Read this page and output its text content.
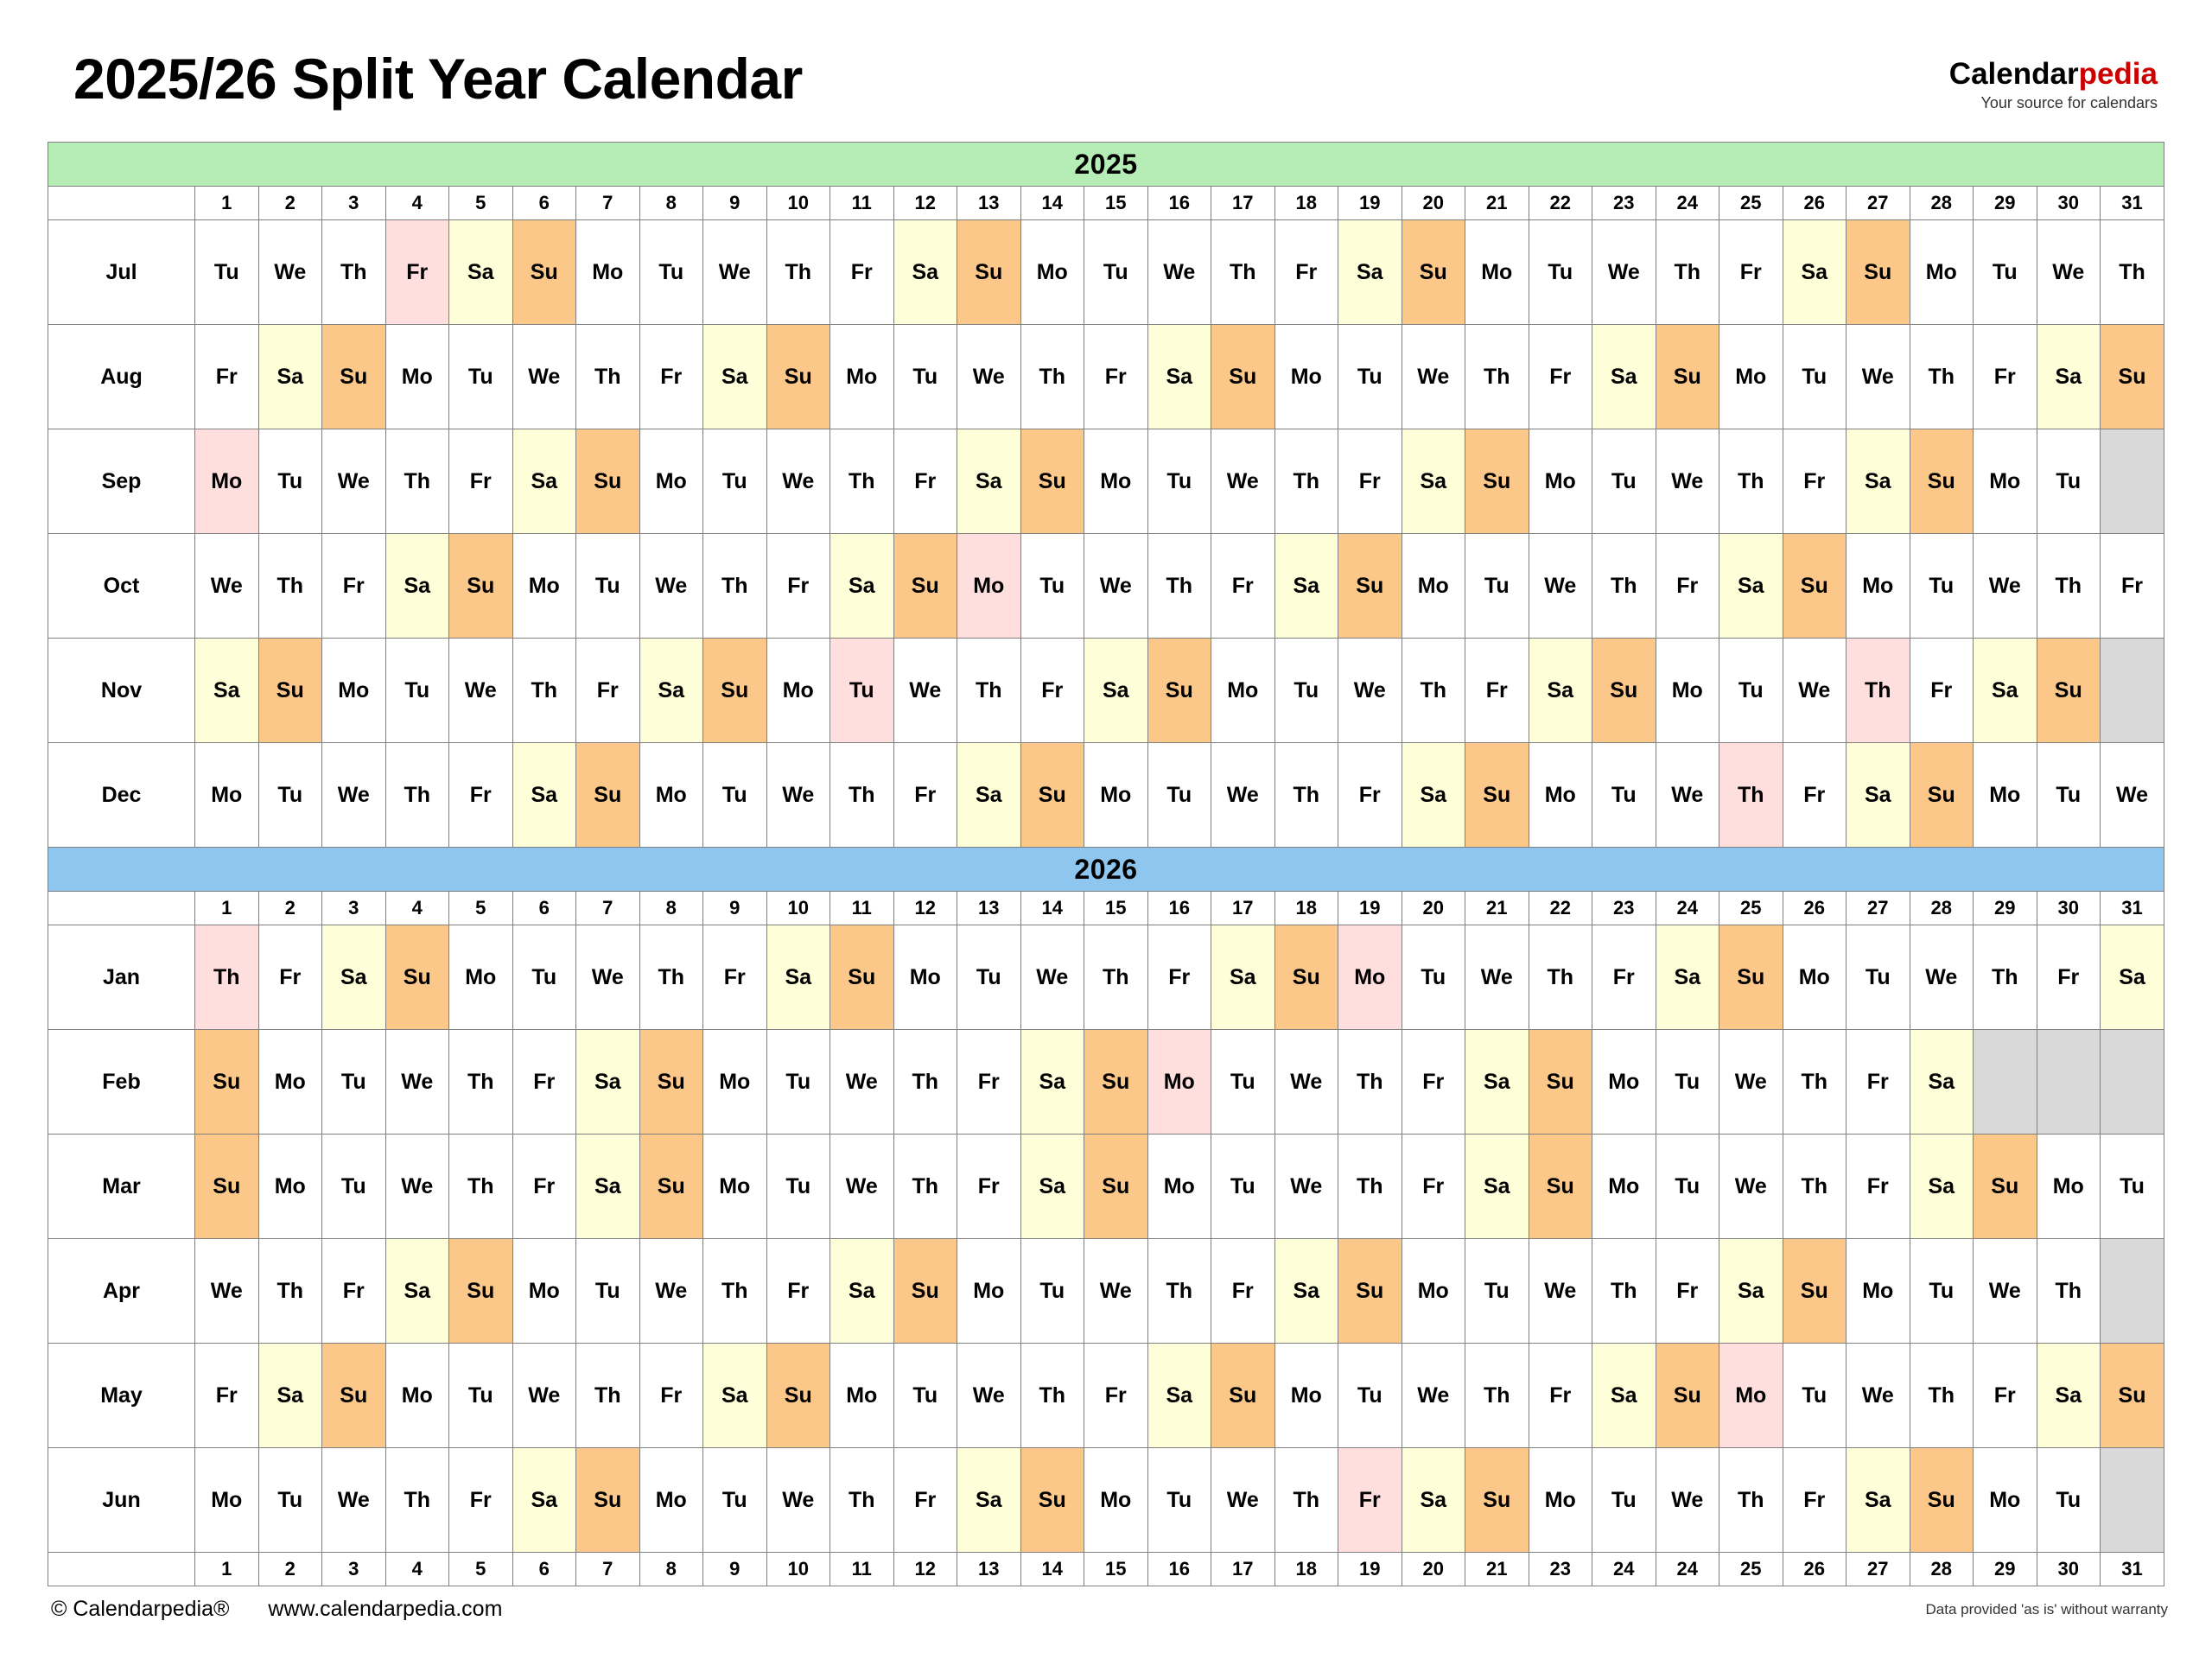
2025/26 Split Year Calendar	Calendarpedia
Your source for calendars
2025																															
	1	2	3	4	5	6	7	8	9	10	11	12	13	14	15	16	17	18	19	20	21	22	23	24	25	26	27	28	29	30	31
Jul	Tu	We	Th	Fr	Sa	Su	Mo	Tu	We	Th	Fr	Sa	Su	Mo	Tu	We	Th	Fr	Sa	Su	Mo	Tu	We	Th	Fr	Sa	Su	Mo	Tu	We	Th
Aug	Fr	Sa	Su	Mo	Tu	We	Th	Fr	Sa	Su	Mo	Tu	We	Th	Fr	Sa	Su	Mo	Tu	We	Th	Fr	Sa	Su	Mo	Tu	We	Th	Fr	Sa	Su
Sep	Mo	Tu	We	Th	Fr	Sa	Su	Mo	Tu	We	Th	Fr	Sa	Su	Mo	Tu	We	Th	Fr	Sa	Su	Mo	Tu	We	Th	Fr	Sa	Su	Mo	Tu	
Oct	We	Th	Fr	Sa	Su	Mo	Tu	We	Th	Fr	Sa	Su	Mo	Tu	We	Th	Fr	Sa	Su	Mo	Tu	We	Th	Fr	Sa	Su	Mo	Tu	We	Th	Fr
Nov	Sa	Su	Mo	Tu	We	Th	Fr	Sa	Su	Mo	Tu	We	Th	Fr	Sa	Su	Mo	Tu	We	Th	Fr	Sa	Su	Mo	Tu	We	Th	Fr	Sa	Su	
Dec	Mo	Tu	We	Th	Fr	Sa	Su	Mo	Tu	We	Th	Fr	Sa	Su	Mo	Tu	We	Th	Fr	Sa	Su	Mo	Tu	We	Th	Fr	Sa	Su	Mo	Tu	We
2026																															
	1	2	3	4	5	6	7	8	9	10	11	12	13	14	15	16	17	18	19	20	21	22	23	24	25	26	27	28	29	30	31
Jan	Th	Fr	Sa	Su	Mo	Tu	We	Th	Fr	Sa	Su	Mo	Tu	We	Th	Fr	Sa	Su	Mo	Tu	We	Th	Fr	Sa	Su	Mo	Tu	We	Th	Fr	Sa
Feb	Su	Mo	Tu	We	Th	Fr	Sa	Su	Mo	Tu	We	Th	Fr	Sa	Su	Mo	Tu	We	Th	Fr	Sa	Su	Mo	Tu	We	Th	Fr	Sa			
Mar	Su	Mo	Tu	We	Th	Fr	Sa	Su	Mo	Tu	We	Th	Fr	Sa	Su	Mo	Tu	We	Th	Fr	Sa	Su	Mo	Tu	We	Th	Fr	Sa	Su	Mo	Tu
Apr	We	Th	Fr	Sa	Su	Mo	Tu	We	Th	Fr	Sa	Su	Mo	Tu	We	Th	Fr	Sa	Su	Mo	Tu	We	Th	Fr	Sa	Su	Mo	Tu	We	Th	
May	Fr	Sa	Su	Mo	Tu	We	Th	Fr	Sa	Su	Mo	Tu	We	Th	Fr	Sa	Su	Mo	Tu	We	Th	Fr	Sa	Su	Mo	Tu	We	Th	Fr	Sa	Su
Jun	Mo	Tu	We	Th	Fr	Sa	Su	Mo	Tu	We	Th	Fr	Sa	Su	Mo	Tu	We	Th	Fr	Sa	Su	Mo	Tu	We	Th	Fr	Sa	Su	Mo	Tu	
	1	2	3	4	5	6	7	8	9	10	11	12	13	14	15	16	17	18	19	20	21	23	24	24	25	26	27	28	29	30	31
© Calendarpedia® www.calendarpedia.com	Data provided 'as is' without warranty
